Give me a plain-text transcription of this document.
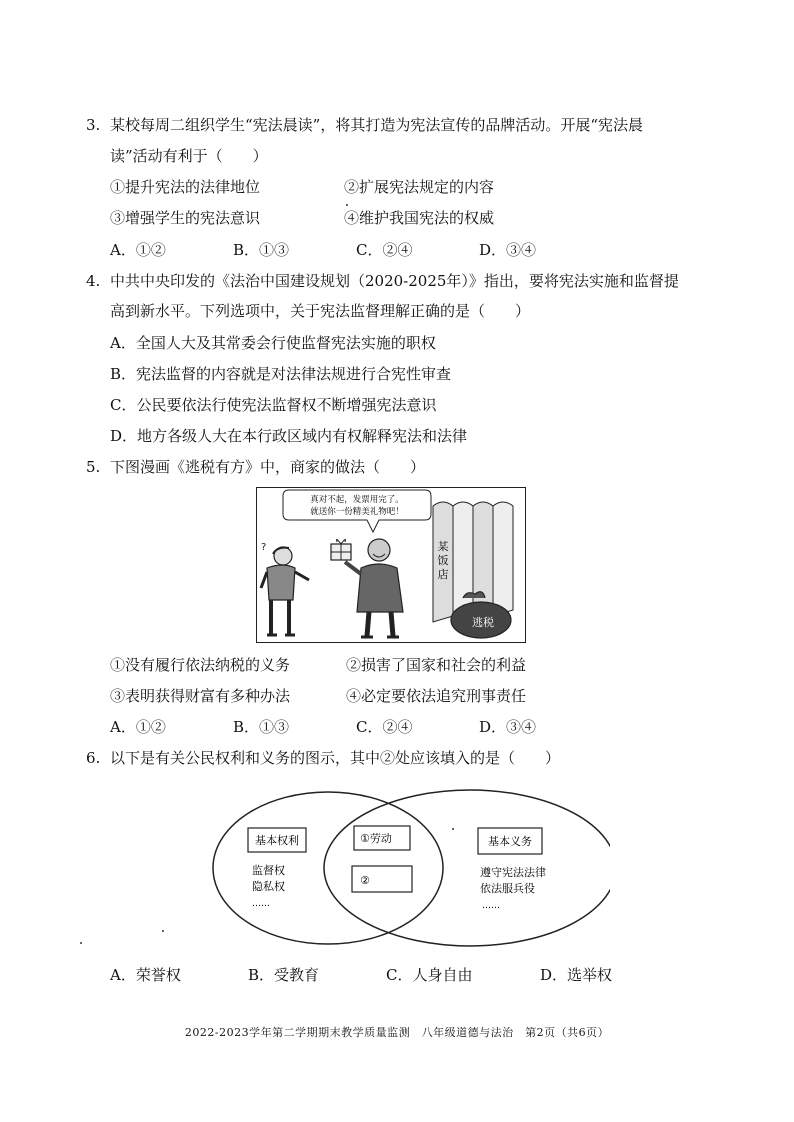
3. 某校每周二组织学生“宪法晨读”，将其打造为宪法宣传的品牌活动。开展“宪法晨
读”活动有利于（　　）
①提升宪法的法律地位	②扩展宪法规定的内容
③增强学生的宪法意识	④维护我国宪法的权威
A．①②	B．①③	C．②④	D．③④
4. 中共中央印发的《法治中国建设规划（2020-2025年）》指出，要将宪法实施和监督提
高到新水平。下列选项中，关于宪法监督理解正确的是（　　）
A．全国人大及其常委会行使监督宪法实施的职权
B．宪法监督的内容就是对法律法规进行合宪性审查
C．公民要依法行使宪法监督权不断增强宪法意识
D．地方各级人大在本行政区域内有权解释宪法和法律
5. 下图漫画《逃税有方》中，商家的做法（　　）
真对不起，发票用完了。
就送你一份精美礼物吧！
?	某
饭
店
逃税
①没有履行依法纳税的义务	②损害了国家和社会的利益
③表明获得财富有多种办法	④必定要依法追究刑事责任
A．①②	B．①③	C．②④	D．③④
6. 以下是有关公民权利和义务的图示，其中②处应该填入的是（　　）
基本权利
监督权
隐私权
……
①劳动
②
基本义务
遵守宪法法律
依法服兵役
……
A．荣誉权	B．受教育	C．人身自由	D．选举权
2022-2023学年第二学期期末教学质量监测　八年级道德与法治　第2页（共6页）
